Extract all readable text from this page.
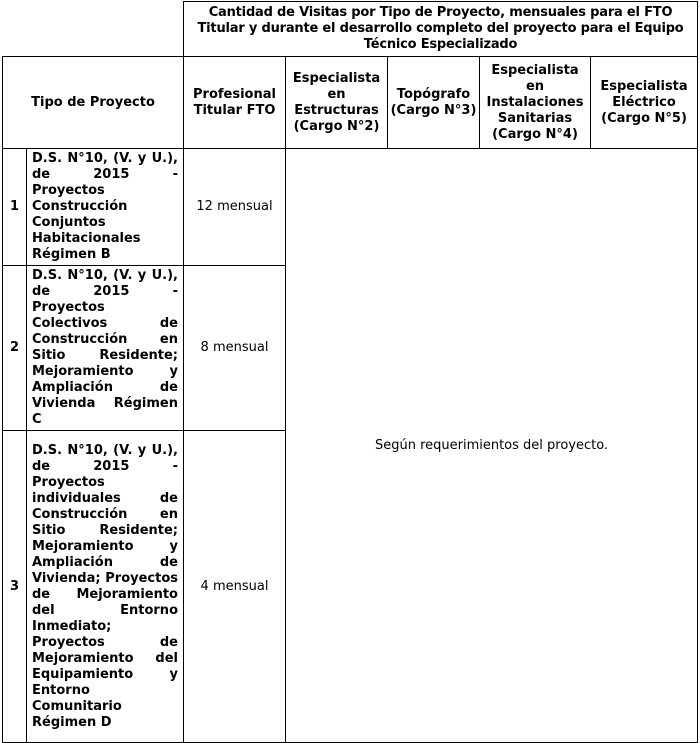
		Cantidad de Visitas por Tipo de Proyecto, mensuales para el FTO Titular y durante el desarrollo completo del proyecto para el Equipo Técnico Especializado				
Tipo de Proyecto		Profesional Titular FTO	Especialista en Estructuras (Cargo N°2)	Topógrafo (Cargo N°3)	Especialista en Instalaciones Sanitarias (Cargo N°4)	Especialista Eléctrico (Cargo N°5)
1	D.S. N°10, (V. y U.), de 2015 - Proyectos Construcción Conjuntos Habitacionales Régimen B	12 mensual	Según requerimientos del proyecto.			
2	D.S. N°10, (V. y U.), de 2015 - Proyectos Colectivos de Construcción en Sitio Residente; Mejoramiento y Ampliación de Vivienda Régimen C	8 mensual				
3	D.S. N°10, (V. y U.), de 2015 - Proyectos individuales de Construcción en Sitio Residente; Mejoramiento y Ampliación de Vivienda; Proyectos de Mejoramiento del Entorno Inmediato; Proyectos de Mejoramiento del Equipamiento y Entorno Comunitario Régimen D	4 mensual				
